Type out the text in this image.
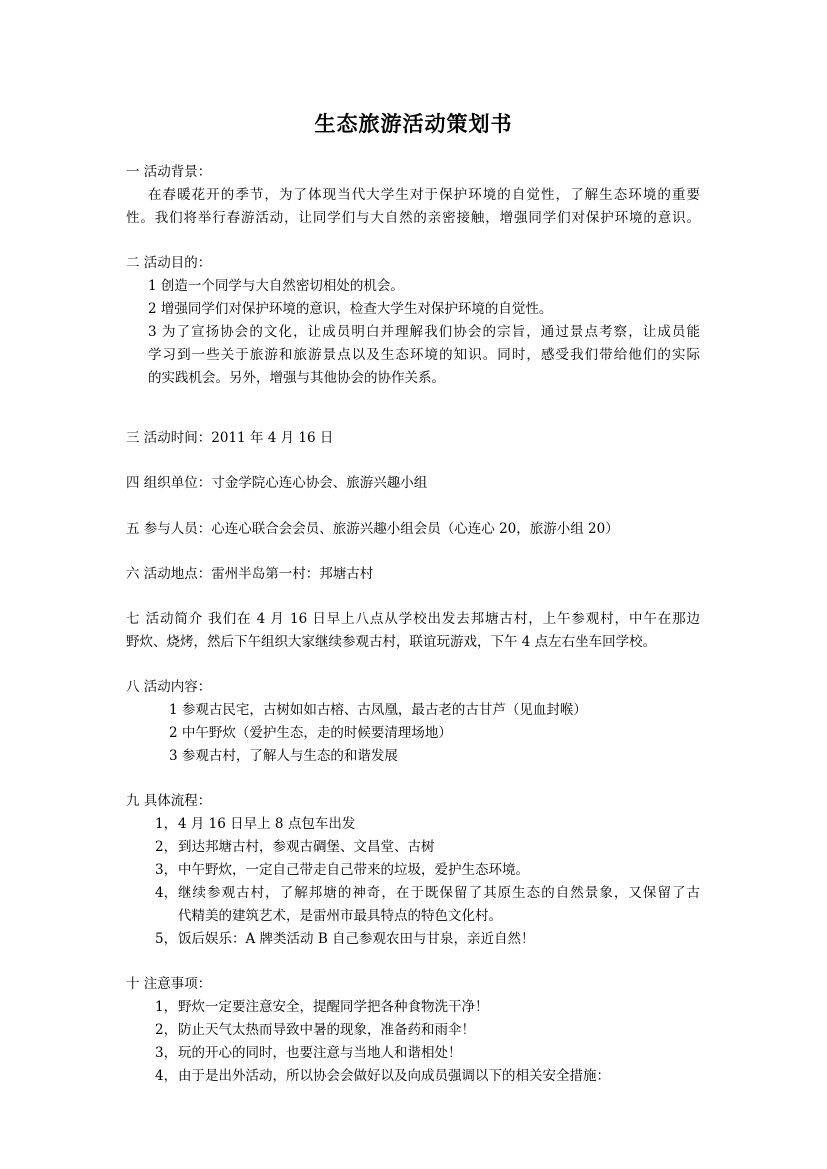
生态旅游活动策划书
一 活动背景：
在春暖花开的季节，为了体现当代大学生对于保护环境的自觉性，了解生态环境的重要
性。我们将举行春游活动，让同学们与大自然的亲密接触，增强同学们对保护环境的意识。
二 活动目的：
1 创造一个同学与大自然密切相处的机会。
2 增强同学们对保护环境的意识，检查大学生对保护环境的自觉性。
3 为了宣扬协会的文化，让成员明白并理解我们协会的宗旨，通过景点考察，让成员能
学习到一些关于旅游和旅游景点以及生态环境的知识。同时，感受我们带给他们的实际
的实践机会。另外，增强与其他协会的协作关系。
三 活动时间：2011 年 4 月 16 日
四 组织单位：寸金学院心连心协会、旅游兴趣小组
五 参与人员：心连心联合会会员、旅游兴趣小组会员（心连心 20，旅游小组 20）
六 活动地点：雷州半岛第一村：邦塘古村
七 活动简介 我们在 4 月 16 日早上八点从学校出发去邦塘古村，上午参观村，中午在那边
野炊、烧烤，然后下午组织大家继续参观古村，联谊玩游戏，下午 4 点左右坐车回学校。
八 活动内容：
1 参观古民宅，古树如如古榕、古凤凰，最古老的古甘芦（见血封喉）
2 中午野炊（爱护生态，走的时候要清理场地）
3 参观古村，了解人与生态的和谐发展
九 具体流程：
1， 4 月 16 日早上 8 点包车出发
2， 到达邦塘古村，参观古碉堡、文昌堂、古树
3， 中午野炊，一定自己带走自己带来的垃圾，爱护生态环境。
4， 继续参观古村，了解邦塘的神奇，在于既保留了其原生态的自然景象，又保留了古
代精美的建筑艺术，是雷州市最具特点的特色文化村。
5， 饭后娱乐：A 牌类活动 B 自己参观农田与甘泉，亲近自然！
十 注意事项：
1， 野炊一定要注意安全，提醒同学把各种食物洗干净！
2， 防止天气太热而导致中暑的现象，准备药和雨伞！
3， 玩的开心的同时，也要注意与当地人和谐相处！
4， 由于是出外活动，所以协会会做好以及向成员强调以下的相关安全措施：
